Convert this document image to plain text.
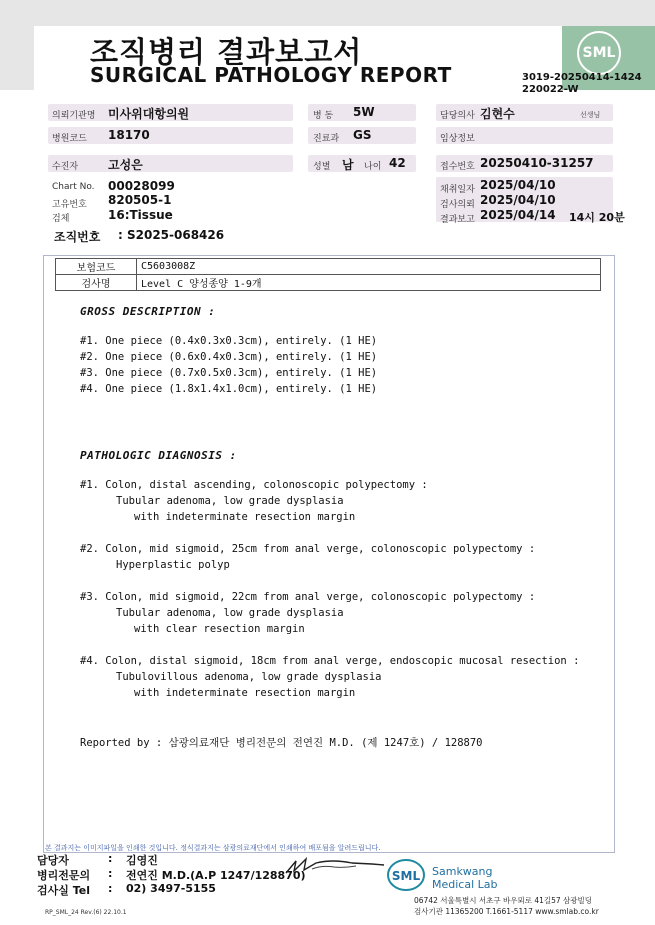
조직병리 결과보고서
SURGICAL PATHOLOGY REPORT
SML
3019-20250414-1424
220022-W
의뢰기관명 미사위대항의원	병 동 5W	담당의사 김현수	선생님
병원코드 18170	진료과 GS	임상정보
수진자 고성은	성별 남 나이 42	접수번호 20250410-31257
Chart No. 00028099
고유번호 820505-1
검체	16:Tissue
채취일자 2025/04/10
검사의뢰 2025/04/10
결과보고 2025/04/14 14시 20분
조직번호 : S2025-068426
보험코드	C5603008Z
검사명	Level C 양성종양 1-9개
GROSS DESCRIPTION :
#1. One piece (0.4x0.3x0.3cm), entirely. (1 HE)
#2. One piece (0.6x0.4x0.3cm), entirely. (1 HE)
#3. One piece (0.7x0.5x0.3cm), entirely. (1 HE)
#4. One piece (1.8x1.4x1.0cm), entirely. (1 HE)
PATHOLOGIC DIAGNOSIS :
#1. Colon, distal ascending, colonoscopic polypectomy :
Tubular adenoma, low grade dysplasia
with indeterminate resection margin
#2. Colon, mid sigmoid, 25cm from anal verge, colonoscopic polypectomy :
Hyperplastic polyp
#3. Colon, mid sigmoid, 22cm from anal verge, colonoscopic polypectomy :
Tubular adenoma, low grade dysplasia
with clear resection margin
#4. Colon, distal sigmoid, 18cm from anal verge, endoscopic mucosal resection :
Tubulovillous adenoma, low grade dysplasia
with indeterminate resection margin
Reported by : 삼광의료재단 병리전문의 전연진 M.D. (제 1247호) / 128870
본 결과지는 이미지파일을 인쇄한 것입니다. 정식결과지는 삼광의료재단에서 인쇄하여 배포됨을 알려드립니다.
담당자	: 김영진
병리전문의 : 전연진 M.D.(A.P 1247/128870)
검사실 Tel : 02) 3497-5155
RP_SML_24 Rev.(6) 22.10.1
SML Samkwang
Medical Lab
06742 서울특별시 서초구 바우뫼로 41길57 삼광빌딩
검사기관 11365200 T.1661-5117 www.smlab.co.kr
